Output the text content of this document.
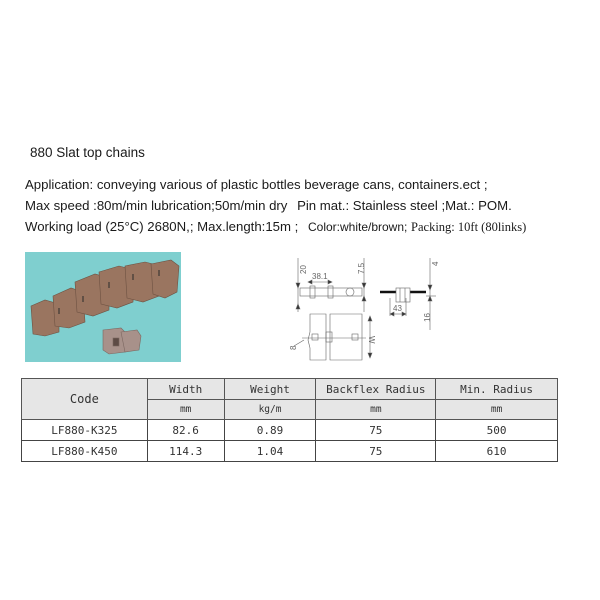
880 Slat top chains
Application: conveying various of plastic bottles beverage cans, containers.ect ;
Max speed :80m/min lubrication;50m/min dry Pin mat.: Stainless steel ;Mat.: POM.
Working load (25°C) 2680N,; Max.length:15m ; Color:white/brown; Packing: 10ft (80links)
38.1
20	7.5
W
8
43
4
16
Code	Width	Weight	Backflex Radius	Min. Radius
	mm	kg/m	mm	mm
LF880-K325	82.6	0.89	75	500
LF880-K450	114.3	1.04	75	610
